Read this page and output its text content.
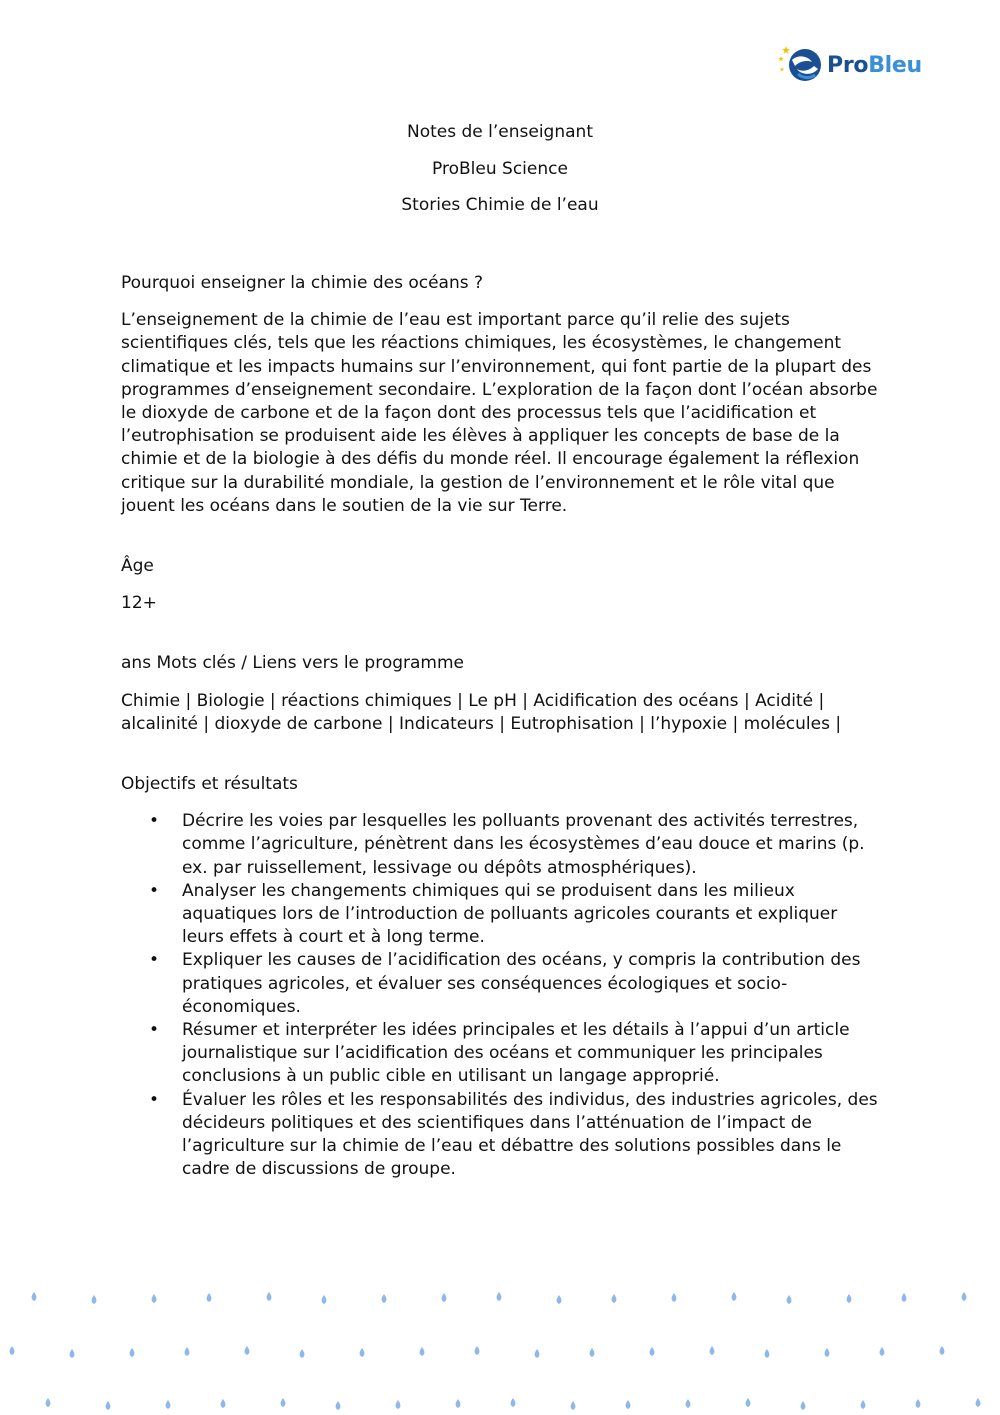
ProBleu
Notes de l’enseignant
ProBleu Science
Stories Chimie de l’eau

Pourquoi enseigner la chimie des océans ?

L’enseignement de la chimie de l’eau est important parce qu’il relie des sujets scientifiques clés, tels que les réactions chimiques, les écosystèmes, le changement climatique et les impacts humains sur l’environnement, qui font partie de la plupart des programmes d’enseignement secondaire. L’exploration de la façon dont l’océan absorbe le dioxyde de carbone et de la façon dont des processus tels que l’acidification et l’eutrophisation se produisent aide les élèves à appliquer les concepts de base de la chimie et de la biologie à des défis du monde réel. Il encourage également la réflexion critique sur la durabilité mondiale, la gestion de l’environnement et le rôle vital que jouent les océans dans le soutien de la vie sur Terre.

Âge

12+

ans Mots clés / Liens vers le programme

Chimie | Biologie | réactions chimiques | Le pH | Acidification des océans | Acidité | alcalinité | dioxyde de carbone | Indicateurs | Eutrophisation | l’hypoxie | molécules |

Objectifs et résultats

• Décrire les voies par lesquelles les polluants provenant des activités terrestres, comme l’agriculture, pénètrent dans les écosystèmes d’eau douce et marins (p. ex. par ruissellement, lessivage ou dépôts atmosphériques).
• Analyser les changements chimiques qui se produisent dans les milieux aquatiques lors de l’introduction de polluants agricoles courants et expliquer leurs effets à court et à long terme.
• Expliquer les causes de l’acidification des océans, y compris la contribution des pratiques agricoles, et évaluer ses conséquences écologiques et socio-économiques.
• Résumer et interpréter les idées principales et les détails à l’appui d’un article journalistique sur l’acidification des océans et communiquer les principales conclusions à un public cible en utilisant un langage approprié.
• Évaluer les rôles et les responsabilités des individus, des industries agricoles, des décideurs politiques et des scientifiques dans l’atténuation de l’impact de l’agriculture sur la chimie de l’eau et débattre des solutions possibles dans le cadre de discussions de groupe.
